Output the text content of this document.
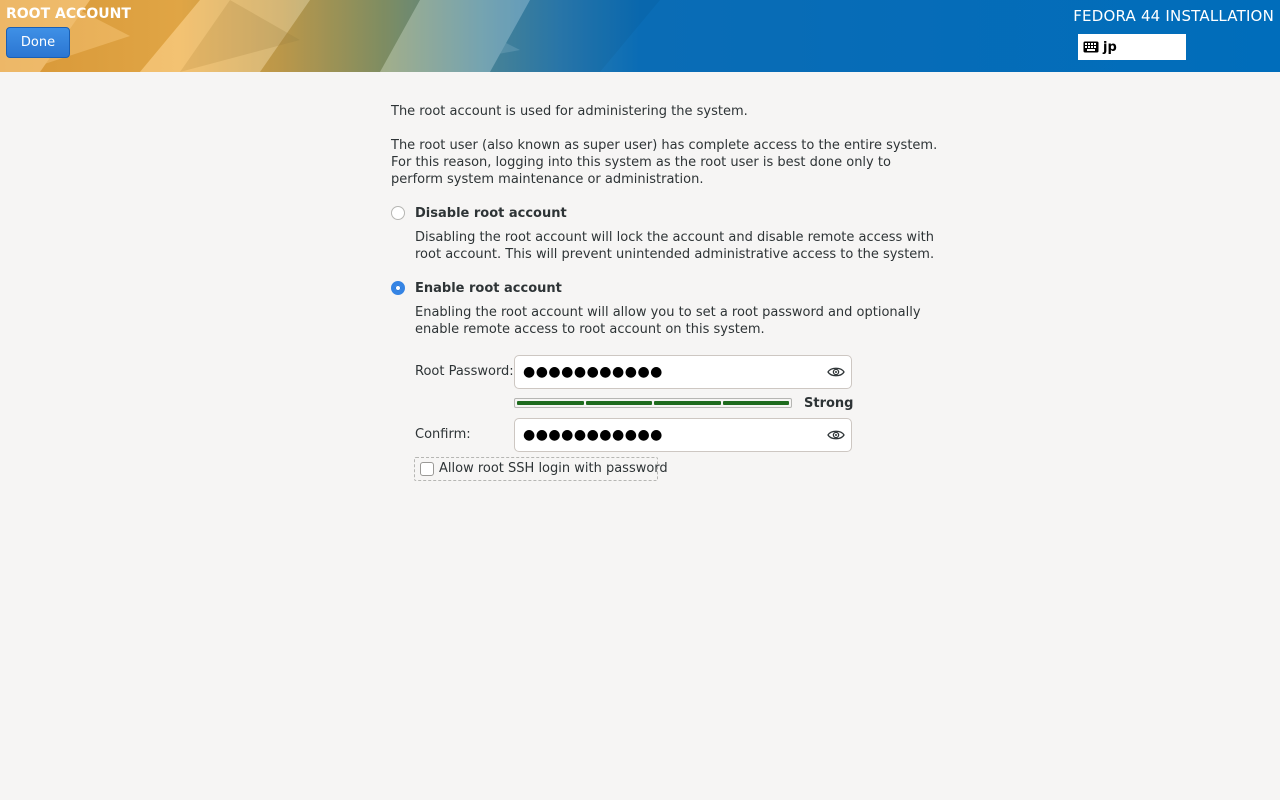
ROOT ACCOUNT
Done
FEDORA 44 INSTALLATION
jp
The root account is used for administering the system.
The root user (also known as super user) has complete access to the entire system.
For this reason, logging into this system as the root user is best done only to
perform system maintenance or administration.
Disable root account
Disabling the root account will lock the account and disable remote access with
root account. This will prevent unintended administrative access to the system.
Enable root account
Enabling the root account will allow you to set a root password and optionally
enable remote access to root account on this system.
Root Password: ●●●●●●●●●●●
Strong
Confirm:	●●●●●●●●●●●
Allow root SSH login with password
